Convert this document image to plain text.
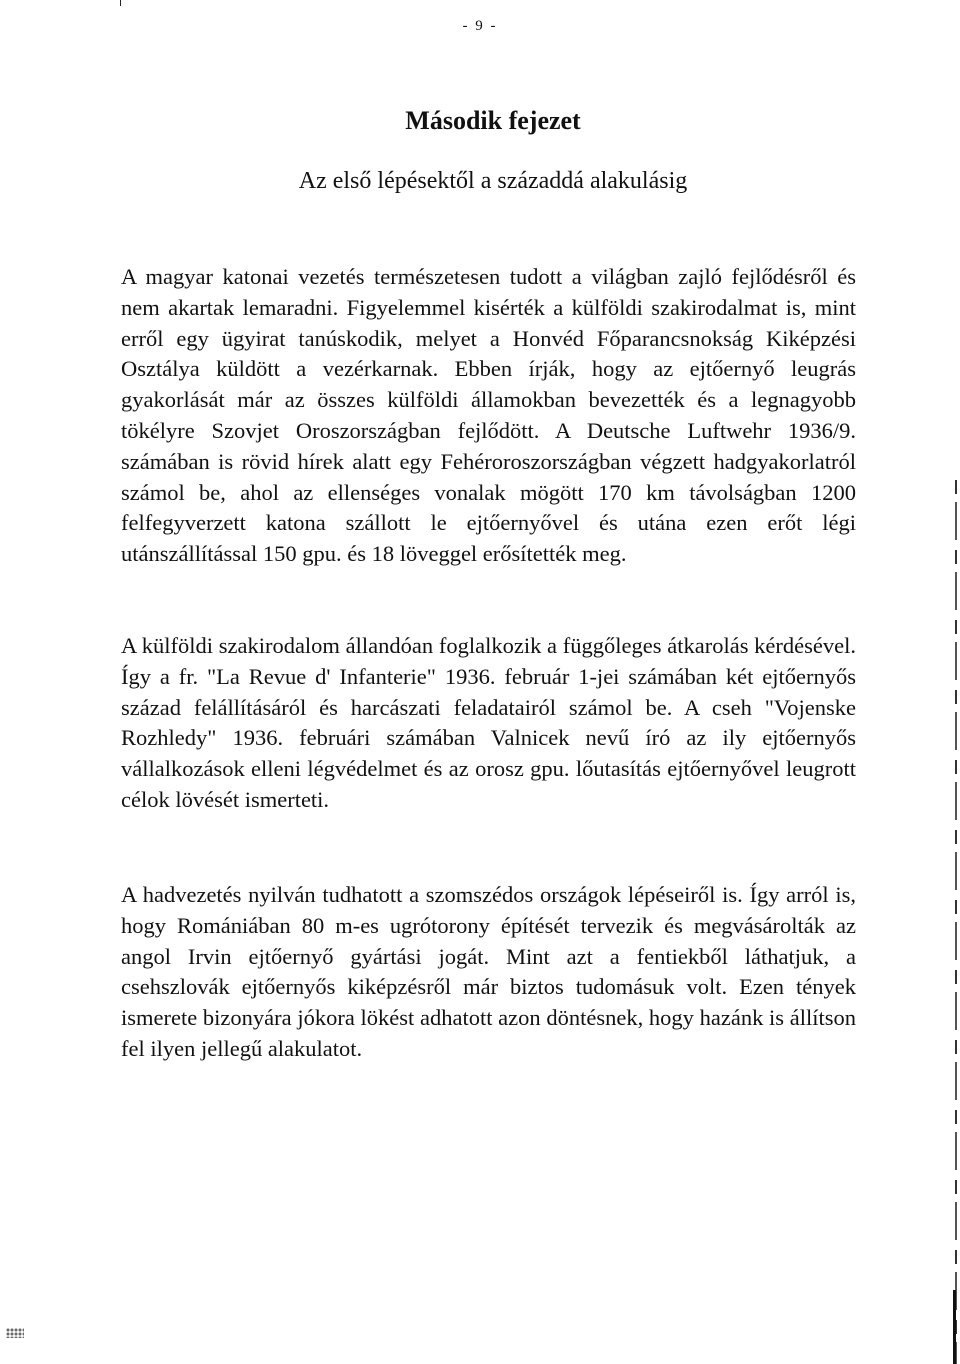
- 9 -
Második fejezet
Az első lépésektől a századdá alakulásig

A magyar katonai vezetés természetesen tudott a világban zajló fejlődésről és nem akartak lemaradni. Figyelemmel kisérték a külföldi szakirodalmat is, mint erről egy ügyirat tanúskodik, melyet a Honvéd Főparancsnokság Kiképzési Osztálya küldött a vezérkarnak. Ebben írják, hogy az ejtőernyő leugrás gyakorlását már az összes külföldi államokban bevezették és a legnagyobb tökélyre Szovjet Oroszországban fejlődött. A Deutsche Luftwehr 1936/9. számában is rövid hírek alatt egy Fehéroroszországban végzett hadgyakorlatról számol be, ahol az ellenséges vonalak mögött 170 km távolságban 1200 felfegyverzett katona szállott le ejtőernyővel és utána ezen erőt légi utánszállítással 150 gpu. és 18 löveggel erősítették meg.

A külföldi szakirodalom állandóan foglalkozik a függőleges átkarolás kérdésével. Így a fr. "La Revue d' Infanterie" 1936. február 1-jei számában két ejtőernyős század felállításáról és harcászati feladatairól számol be. A cseh "Vojenske Rozhledy" 1936. februári számában Valnicek nevű író az ily ejtőernyős vállalkozások elleni légvédelmet és az orosz gpu. lőutasítás ejtőernyővel leugrott célok lövését ismerteti.

A hadvezetés nyilván tudhatott a szomszédos országok lépéseiről is. Így arról is, hogy Romániában 80 m-es ugrótorony építését tervezik és megvásárolták az angol Irvin ejtőernyő gyártási jogát. Mint azt a fentiekből láthatjuk, a csehszlovák ejtőernyős kiképzésről már biztos tudomásuk volt. Ezen tények ismerete bizonyára jókora lökést adhatott azon döntésnek, hogy hazánk is állítson fel ilyen jellegű alakulatot.
